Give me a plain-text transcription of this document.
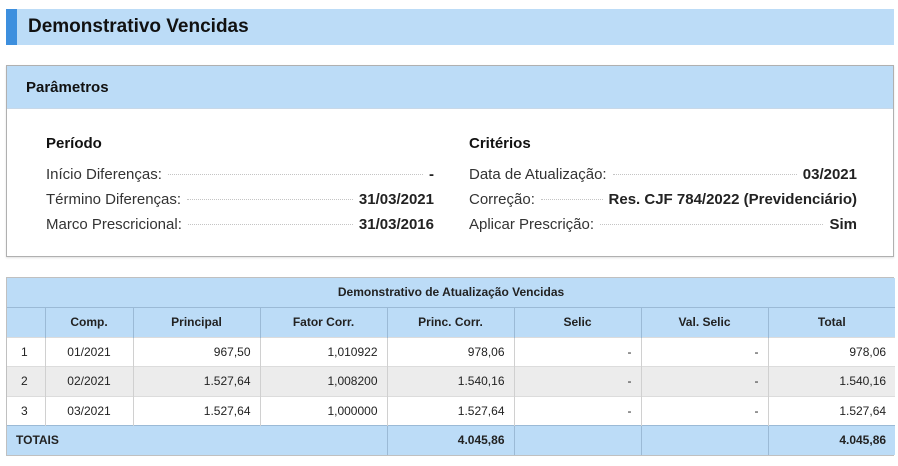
Demonstrativo Vencidas
Parâmetros
Período
Início Diferenças:	-
Término Diferenças:	31/03/2021
Marco Prescricional:	31/03/2016
Critérios
Data de Atualização:	03/2021
Correção:	Res. CJF 784/2022 (Previdenciário)
Aplicar Prescrição:	Sim
Demonstrativo de Atualização Vencidas							
	Comp.	Principal	Fator Corr.	Princ. Corr.	Selic	Val. Selic	Total
1	01/2021	967,50	1,010922	978,06	-	-	978,06
2	02/2021	1.527,64	1,008200	1.540,16	-	-	1.540,16
3	03/2021	1.527,64	1,000000	1.527,64	-	-	1.527,64
TOTAIS				4.045,86			4.045,86
